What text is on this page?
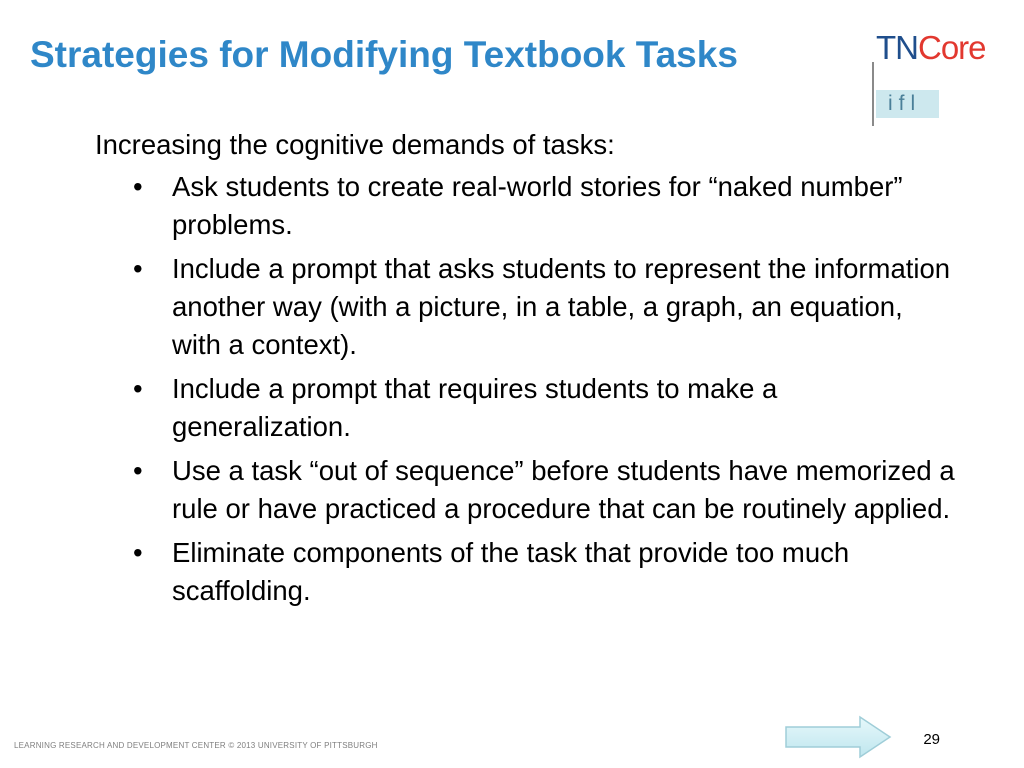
Strategies for Modifying Textbook Tasks	TNCore
ifl

Increasing the cognitive demands of tasks:

• Ask students to create real-world stories for “naked number” problems.
• Include a prompt that asks students to represent the information another way (with a picture, in a table, a graph, an equation, with a context).
• Include a prompt that requires students to make a generalization.
• Use a task “out of sequence” before students have memorized a rule or have practiced a procedure that can be routinely applied.
• Eliminate components of the task that provide too much scaffolding.
LEARNING RESEARCH AND DEVELOPMENT CENTER © 2013 UNIVERSITY OF PITTSBURGH	29
